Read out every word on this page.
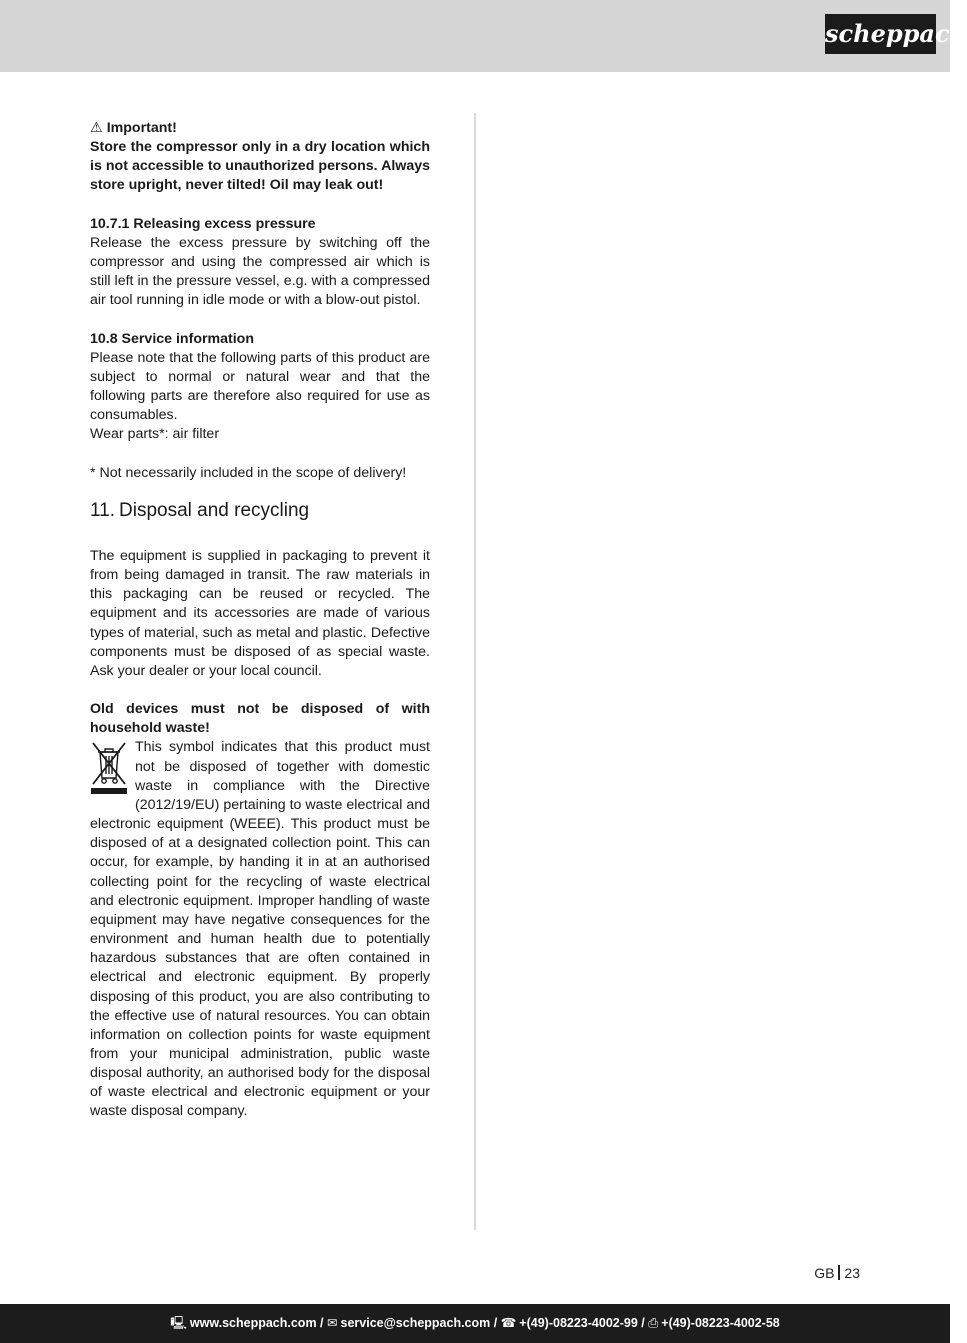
scheppach

⚠ Important!
Store the compressor only in a dry location which is not accessible to unauthorized persons. Always store upright, never tilted! Oil may leak out!

10.7.1 Releasing excess pressure

Release the excess pressure by switching off the compressor and using the compressed air which is still left in the pressure vessel, e.g. with a compressed air tool running in idle mode or with a blow-out pistol.

10.8 Service information

Please note that the following parts of this product are subject to normal or natural wear and that the following parts are therefore also required for use as consumables.

Wear parts*: air filter

* Not necessarily included in the scope of delivery!

11. Disposal and recycling

The equipment is supplied in packaging to prevent it from being damaged in transit. The raw materials in this packaging can be reused or recycled. The equipment and its accessories are made of various types of material, such as metal and plastic. Defective components must be disposed of as special waste. Ask your dealer or your local council.

Old devices must not be disposed of with household waste!

This symbol indicates that this product must not be disposed of together with domestic waste in compliance with the Directive (2012/19/EU) pertaining to waste electrical and electronic equipment (WEEE). This product must be disposed of at a designated collection point. This can occur, for example, by handing it in at an authorised collecting point for the recycling of waste electrical and electronic equipment. Improper handling of waste equipment may have negative consequences for the environment and human health due to potentially hazardous substances that are often contained in electrical and electronic equipment. By properly disposing of this product, you are also contributing to the effective use of natural resources. You can obtain information on collection points for waste equipment from your municipal administration, public waste disposal authority, an authorised body for the disposal of waste electrical and electronic equipment or your waste disposal company.

GB 23
🖳 www.scheppach.com / ✉ service@scheppach.com / ☎ +(49)-08223-4002-99 / ⎙ +(49)-08223-4002-58
